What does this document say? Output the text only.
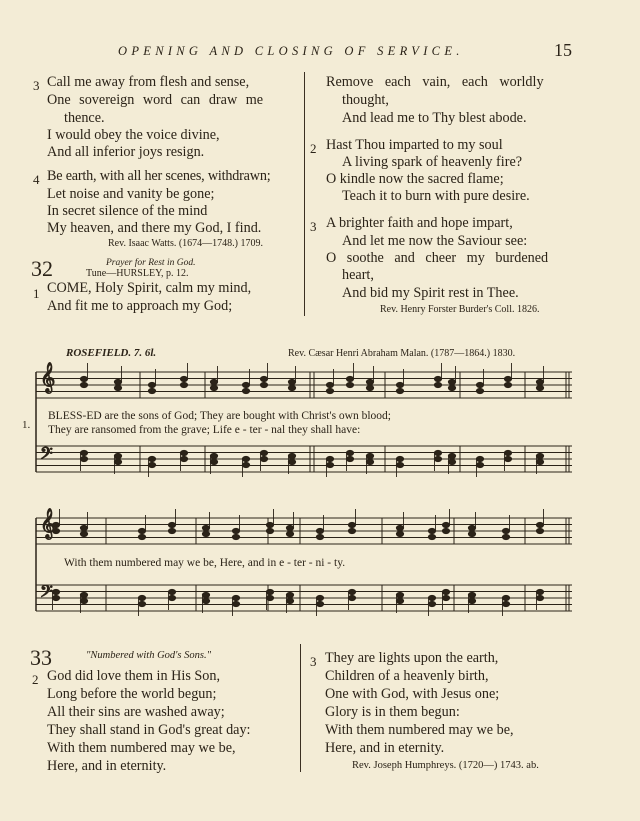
OPENING AND CLOSING OF SERVICE.	15
3 Call me away from flesh and sense,
One sovereign word can draw me
thence.
I would obey the voice divine,
And all inferior joys resign.
4 Be earth, with all her scenes, withdrawn;
Let noise and vanity be gone;
In secret silence of the mind
My heaven, and there my God, I find.
Rev. Isaac Watts. (1674—1748.) 1709.
32	Prayer for Rest in God.
Tune—HURSLEY, p. 12.
1 COME, Holy Spirit, calm my mind,
And fit me to approach my God;
Remove each vain, each worldly
thought,
And lead me to Thy blest abode.
2 Hast Thou imparted to my soul
A living spark of heavenly fire?
O kindle now the sacred flame;
Teach it to burn with pure desire.
3 A brighter faith and hope impart,
And let me now the Saviour see:
O soothe and cheer my burdened
heart,
And bid my Spirit rest in Thee.
Rev. Henry Forster Burder's Coll. 1826.
ROSEFIELD. 7. 6l.	Rev. Cæsar Henri Abraham Malan. (1787—1864.) 1830.
𝄞
𝄞
𝄢
𝄢
1.
BLESS-ED are the sons of God; They are bought with Christ's own blood;
They are ransomed from the grave; Life e - ter - nal they shall have:
With them numbered may we be, Here, and in e - ter - ni - ty.
33	"Numbered with God's Sons."
2 God did love them in His Son,
Long before the world begun;
All their sins are washed away;
They shall stand in God's great day:
With them numbered may we be,
Here, and in eternity.
3 They are lights upon the earth,
Children of a heavenly birth,
One with God, with Jesus one;
Glory is in them begun:
With them numbered may we be,
Here, and in eternity.
Rev. Joseph Humphreys. (1720—) 1743. ab.
